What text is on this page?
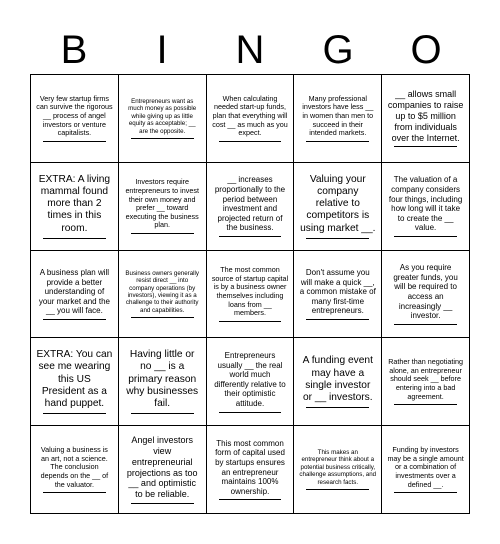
B	I	N	G	O
Very few startup firms can survive the rigorous __ process of angel investors or venture capitalists.
Entrepreneurs want as much money as possible while giving up as little equity as acceptable; __ are the opposite.
When calculating needed start-up funds, plan that everything will cost __ as much as you expect.
Many professional investors have less __ in women than men to succeed in their intended markets.
__ allows small companies to raise up to $5 million from individuals over the Internet.
EXTRA: A living mammal found more than 2 times in this room.
Investors require entrepreneurs to invest their own money and prefer __ toward executing the business plan.
__ increases proportionally to the period between investment and projected return of the business.
Valuing your company relative to competitors is using market __.
The valuation of a company considers four things, including how long will it take to create the __ value.
A business plan will provide a better understanding of your market and the __ you will face.
Business owners generally resist direct __ into company operations (by investors), viewing it as a challenge to their authority and capabilities.
The most common source of startup capital is by a business owner themselves including loans from __ members.
Don't assume you will make a quick __, a common mistake of many first-time entrepreneurs.
As you require greater funds, you will be required to access an increasingly __ investor.
EXTRA: You can see me wearing this US President as a hand puppet.
Having little or no __ is a primary reason why businesses fail.
Entrepreneurs usually __ the real world much differently relative to their optimistic attitude.
A funding event may have a single investor or __ investors.
Rather than negotiating alone, an entrepreneur should seek __ before entering into a bad agreement.
Valuing a business is an art, not a science. The conclusion depends on the __ of the valuator.
Angel investors view entrepreneurial projections as too __ and optimistic to be reliable.
This most common form of capital used by startups ensures an entrepreneur maintains 100% ownership.
This makes an entrepreneur think about a potential business critically, challenge assumptions, and research facts.
Funding by investors may be a single amount or a combination of investments over a defined __.
